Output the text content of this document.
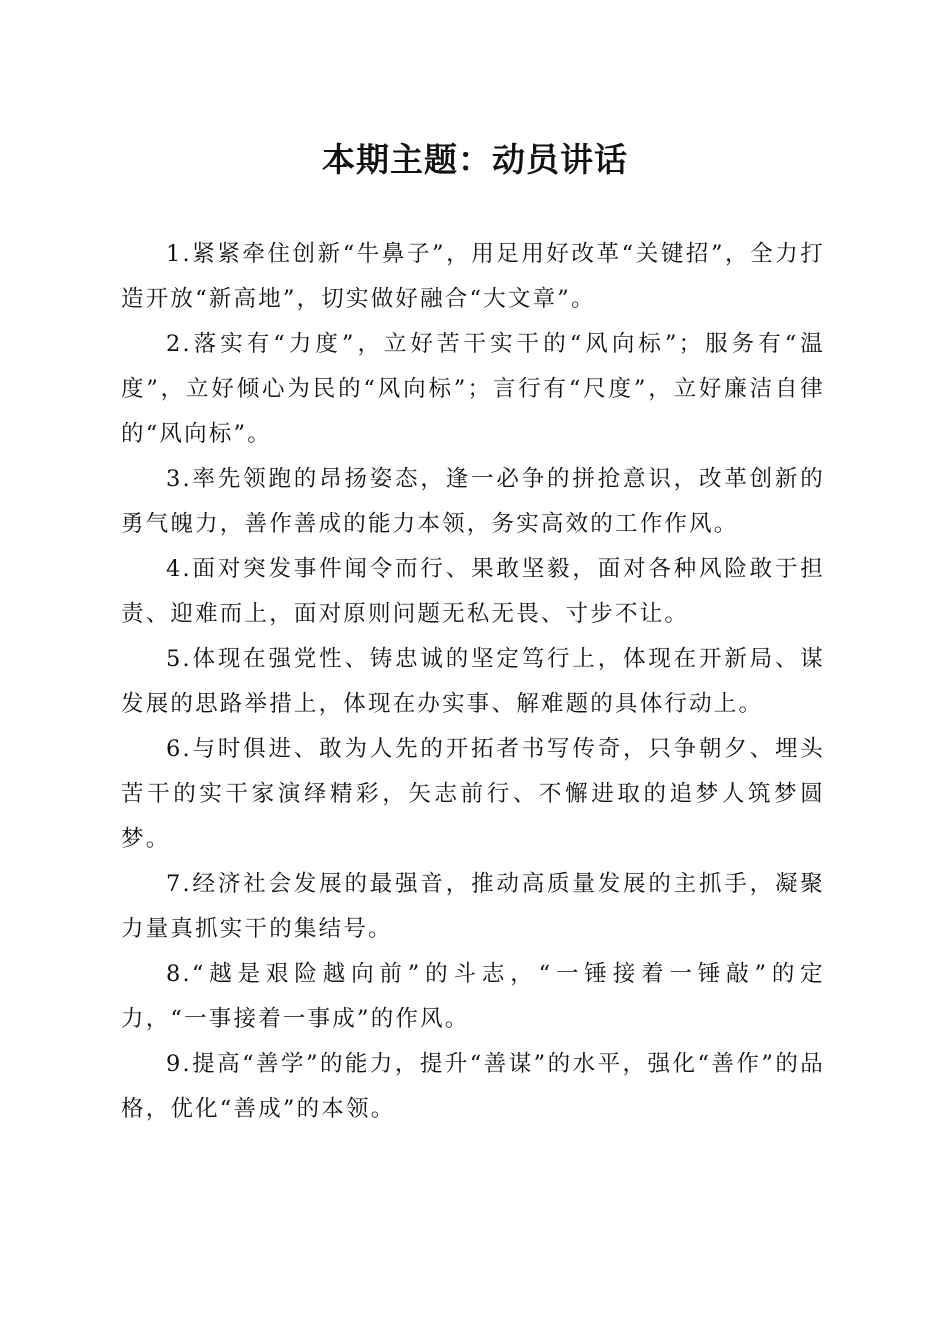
本期主题：动员讲话

1.紧紧牵住创新“牛鼻子”，用足用好改革“关键招”，全力打造开放“新高地”，切实做好融合“大文章”。

2.落实有“力度”，立好苦干实干的“风向标”；服务有“温度”，立好倾心为民的“风向标”；言行有“尺度”，立好廉洁自律的“风向标”。

3.率先领跑的昂扬姿态，逢一必争的拼抢意识，改革创新的勇气魄力，善作善成的能力本领，务实高效的工作作风。

4.面对突发事件闻令而行、果敢坚毅，面对各种风险敢于担责、迎难而上，面对原则问题无私无畏、寸步不让。

5.体现在强党性、铸忠诚的坚定笃行上，体现在开新局、谋发展的思路举措上，体现在办实事、解难题的具体行动上。

6.与时俱进、敢为人先的开拓者书写传奇，只争朝夕、埋头苦干的实干家演绎精彩，矢志前行、不懈进取的追梦人筑梦圆梦。

7.经济社会发展的最强音，推动高质量发展的主抓手，凝聚力量真抓实干的集结号。

8.“越是艰险越向前”的斗志，“一锤接着一锤敲”的定力，“一事接着一事成”的作风。

9.提高“善学”的能力，提升“善谋”的水平，强化“善作”的品格，优化“善成”的本领。
